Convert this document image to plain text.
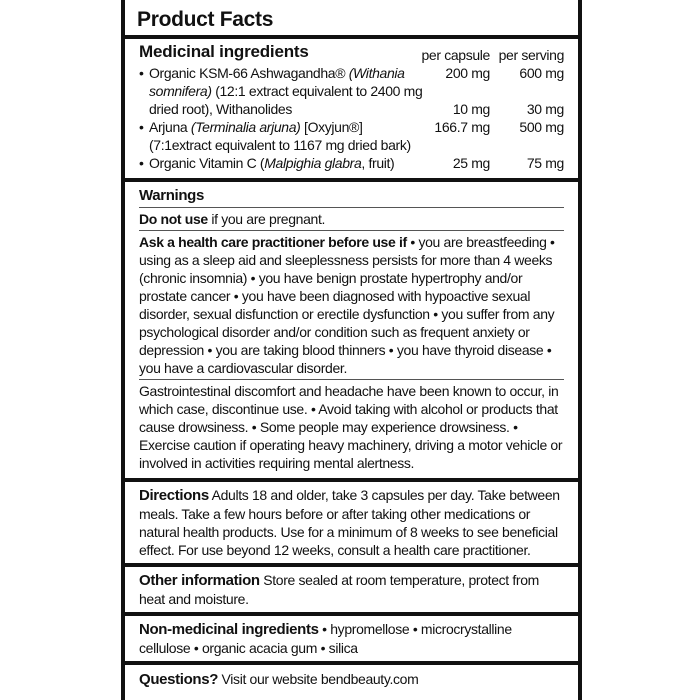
Product Facts
Medicinal ingredients	per capsule	per serving
• Organic KSM-66 Ashwagandha® (Withania	200 mg	600 mg
somnifera) (12:1 extract equivalent to 2400 mg		
dried root), Withanolides	10 mg	30 mg
• Arjuna (Terminalia arjuna) [Oxyjun®]	166.7 mg	500 mg
(7:1extract equivalent to 1167 mg dried bark)		
• Organic Vitamin C (Malpighia glabra, fruit)	25 mg	75 mg
Warnings
Do not use if you are pregnant.
Ask a health care practitioner before use if • you are breastfeeding • using as a sleep aid and sleeplessness persists for more than 4 weeks (chronic insomnia) • you have benign prostate hypertrophy and/or prostate cancer • you have been diagnosed with hypoactive sexual disorder, sexual disfunction or erectile dysfunction • you suffer from any psychological disorder and/or condition such as frequent anxiety or depression • you are taking blood thinners • you have thyroid disease • you have a cardiovascular disorder.
Gastrointestinal discomfort and headache have been known to occur, in which case, discontinue use. • Avoid taking with alcohol or products that cause drowsiness. • Some people may experience drowsiness. • Exercise caution if operating heavy machinery, driving a motor vehicle or involved in activities requiring mental alertness.
Directions Adults 18 and older, take 3 capsules per day. Take between meals. Take a few hours before or after taking other medications or natural health products. Use for a minimum of 8 weeks to see beneficial effect. For use beyond 12 weeks, consult a health care practitioner.
Other information Store sealed at room temperature, protect from heat and moisture.
Non-medicinal ingredients • hypromellose • microcrystalline cellulose • organic acacia gum • silica
Questions? Visit our website bendbeauty.com
